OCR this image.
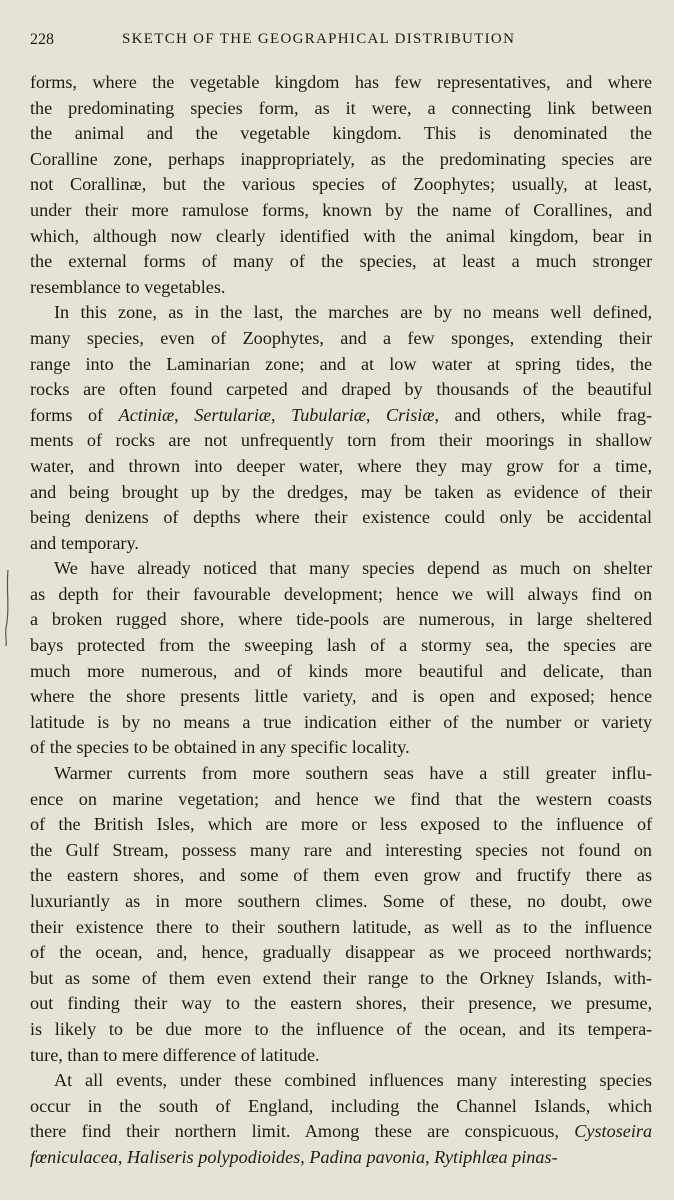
228	SKETCH OF THE GEOGRAPHICAL DISTRIBUTION

forms, where the vegetable kingdom has few representatives, and where
the predominating species form, as it were, a connecting link between
the animal and the vegetable kingdom. This is denominated the
Coralline zone, perhaps inappropriately, as the predominating species are
not Corallinæ, but the various species of Zoophytes; usually, at least,
under their more ramulose forms, known by the name of Corallines, and
which, although now clearly identified with the animal kingdom, bear in
the external forms of many of the species, at least a much stronger
resemblance to vegetables.

In this zone, as in the last, the marches are by no means well defined,
many species, even of Zoophytes, and a few sponges, extending their
range into the Laminarian zone; and at low water at spring tides, the
rocks are often found carpeted and draped by thousands of the beautiful
forms of Actiniæ, Sertulariæ, Tubulariæ, Crisiæ, and others, while frag-
ments of rocks are not unfrequently torn from their moorings in shallow
water, and thrown into deeper water, where they may grow for a time,
and being brought up by the dredges, may be taken as evidence of their
being denizens of depths where their existence could only be accidental
and temporary.

We have already noticed that many species depend as much on shelter
as depth for their favourable development; hence we will always find on
a broken rugged shore, where tide-pools are numerous, in large sheltered
bays protected from the sweeping lash of a stormy sea, the species are
much more numerous, and of kinds more beautiful and delicate, than
where the shore presents little variety, and is open and exposed; hence
latitude is by no means a true indication either of the number or variety
of the species to be obtained in any specific locality.

Warmer currents from more southern seas have a still greater influ-
ence on marine vegetation; and hence we find that the western coasts
of the British Isles, which are more or less exposed to the influence of
the Gulf Stream, possess many rare and interesting species not found on
the eastern shores, and some of them even grow and fructify there as
luxuriantly as in more southern climes. Some of these, no doubt, owe
their existence there to their southern latitude, as well as to the influence
of the ocean, and, hence, gradually disappear as we proceed northwards;
but as some of them even extend their range to the Orkney Islands, with-
out finding their way to the eastern shores, their presence, we presume,
is likely to be due more to the influence of the ocean, and its tempera-
ture, than to mere difference of latitude.

At all events, under these combined influences many interesting species
occur in the south of England, including the Channel Islands, which
there find their northern limit. Among these are conspicuous, Cystoseira
fœniculacea, Haliseris polypodioides, Padina pavonia, Rytiphlæa pinas-
